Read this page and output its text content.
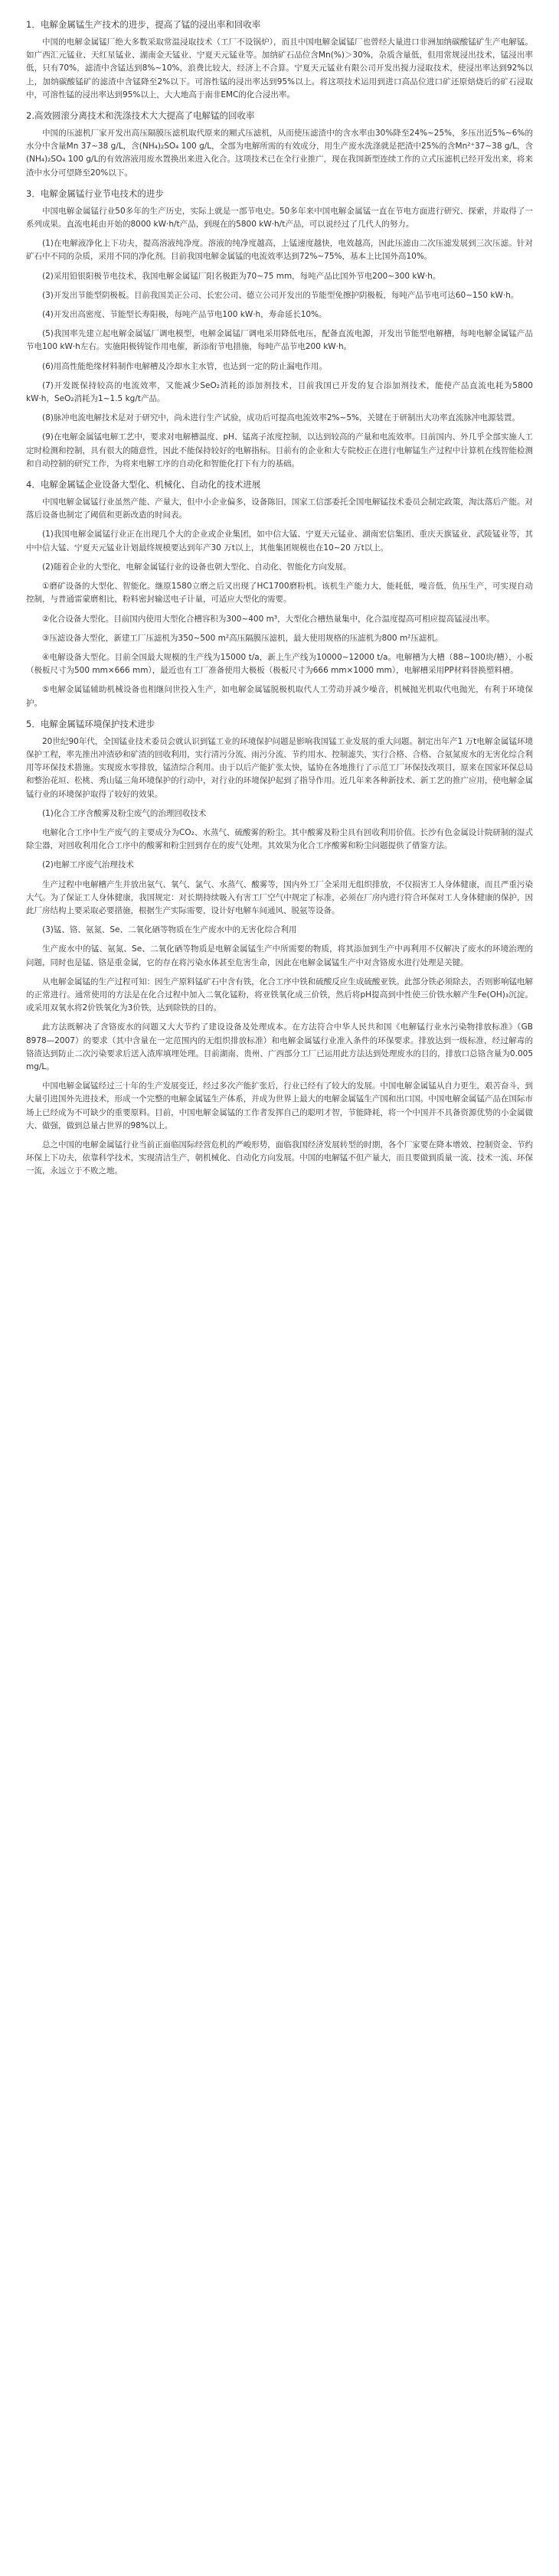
1．电解金属锰生产技术的进步，提高了锰的浸出率和回收率
中国的电解金属锰厂绝大多数采取常温浸取技术（工厂不设锅炉），而且中国电解金属锰厂也曾经大量进口非洲加纳碳酸锰矿生产电解锰。如广西汇元锰业、天红星锰业、湖南金天锰业、宁夏天元锰业等。加纳矿石品位含Mn(%)＞30%，杂质含量低，但用常规浸出技术，锰浸出率低，只有70%，滤渣中含锰达到8%~10%，浪费比较大，经济上不合算。宁夏天元锰业有限公司开发出搅力浸取技术，使浸出率达到92%以上，加纳碳酸锰矿的滤渣中含锰降至2%以下。可溶性锰的浸出率达到95%以上。将这项技术运用到进口高品位进口矿还原焙烧后的矿石浸取中，可溶性锰的浸出率达到95%以上，大大地高于南非EMC的化合浸出率。
2.高效圆滚分离技术和洗涤技术大大提高了电解锰的回收率
中国的压滤机厂家开发出高压隔膜压滤机取代原来的厢式压滤机，从而使压滤渣中的含水率由30%降至24%~25%，多压出近5%~6%的水分中含量Mn 37~38 g/L，含(NH₄)₂SO₄ 100 g/L，全部为电解所需的有效成分，用生产废水洗涤就是把渣中25%的含Mn²⁺37~38 g/L，含(NH₄)₂SO₄ 100 g/L的有效溶液用废水置换出来进入化合。这项技术已在全行业推广，现在我国新型连续工作的立式压滤机已经开发出来，将来渣中水分可望降至20%以下。
3．电解金属锰行业节电技术的进步
中国电解金属锰行业50多年的生产历史，实际上就是一部节电史。50多年来中国电解金属锰一直在节电方面进行研究、探索，并取得了一系列成果。直流电耗由开始的8000 kW·h/t产品，到现在的5800 kW·h/t产品，可以说经过了几代人的努力。
(1)在电解液净化上下功夫，提高溶液纯净度。溶液的纯净度越高，上锰速度越快，电效越高，因此压滤由二次压滤发展到三次压滤。针对矿石中不同的杂质，采用不同的净化剂。目前我国电解金属锰的电流效率达到72%~75%，基本上比国外高10%。
(2)采用铅银阳极节电技术，我国电解金属锰厂阳名极距为70~75 mm，每吨产品比国外节电200~300 kW·h。
(3)开发出节能型阴极板。目前我国美正公司、长宏公司、德立公司开发出的节能型免擦护阴极板，每吨产品节电可达60~150 kW·h。
(4)开发出高密度、节能型长寿阳极，每吨产品节电100 kW·h，寿命延长10%。
(5)我国率先建立起电解金属锰厂调电模型，电解金属锰厂调电采用降低电压，配备直流电源，开发出节能型电解槽，每吨电解金属锰产品节电100 kW·h左右。实施阳极铸锭作用电催，新添衔节电措施，每吨产品节电200 kW·h。
(6)用高性能绝缘材料制作电解槽及冷却水主水管，也达到一定的防止漏电作用。
(7)开发既保持较高的电流效率，又能减少SeO₂消耗的添加剂技术，目前我国已开发的复合添加剂技术，能使产品直流电耗为5800 kW·h，SeO₂消耗为1~1.5 kg/t产品。
(8)脉冲电流电解技术是对于研究中，尚未进行生产试验，成功后可提高电流效率2%~5%，关键在于研制出大功率直流脉冲电源装置。
(9)在电解金属锰电解工艺中，要求对电解槽温度、pH、锰离子浓度控制，以达到较高的产量和电流效率。目前国内、外几乎全部实施人工定时检测和控制，具有很大的随意性，因此不能保持较好的电解指标。目前有的企业和大专院校正在进行电解锰生产过程中计算机在线智能检测和自动控制的研究工作，为将来电解工序的自动化和智能化打下有力的基础。
4．电解金属锰企业设备大型化、机械化、自动化的技术进展
中国电解金属锰行业虽然产能、产量大，但中小企业偏多，设备陈旧，国家工信部委托全国电解锰技术委员会制定政策，淘汰落后产能。对落后设备也制定了阈值和更新改造的时间表。
(1)我国电解金属锰行业正在出现几个大的企业或企业集团，如中信大锰、宁夏天元锰业、湖南宏信集团、重庆天旗锰业、武陵锰业等，其中中信大锰、宁夏天元锰业计划最终规模要达到年产30 万t以上，其他集团规模也在10~20 万t以上。
(2)随着企业的大型化，电解金属锰行业的设备也朝大型化、自动化、智能化方向发展。
①磨矿设备的大型化、智能化。继原1580立磨之后又出现了HC1700磨粉机。该机生产能力大，能耗低，噪音低，负压生产，可实现自动控制，与普通雷蒙磨相比，粉料密封输送电子计量，可适应大型化的需要。
②化合设备大型化。目前国内使用大型化合槽容积为300~400 m³，大型化合槽热量集中，化合温度提高可相应提高锰浸出率。
③压滤设备大型化，新建工厂压滤机为350~500 m²高压隔膜压滤机，最大使用规格的压滤机为800 m²压滤机。
④电解设备大型化。目前全国最大规模的生产线为15000 t/a，新上生产线为10000~12000 t/a。电解槽为大槽（88~100块/槽），小板（极板尺寸为500 mm×666 mm），最近也有工厂准备使用大极板（极板尺寸为666 mm×1000 mm），电解槽采用PP材料替换塑料槽。
⑤电解金属锰辅助机械设备也相继问世投入生产，如电解金属锰脱极机取代人工劳动并减少噪音，机械抛光机取代电抛光，有利于环境保护。
5．电解金属锰环境保护技术进步
20世纪90年代，全国锰业技术委员会就认识到锰工业的环境保护问题是影响我国锰工业发展的重大问题。制定出年产1 万t电解金属锰环境保护工程，率先推出冲渣砂和矿渣的回收利用，实行清污分流、雨污分流、节约用水、控制滤失，实行合格、合格、合氨氮废水的无害化综合利用等环保技术措施。实现废水零排放，锰渣综合利用。由于以后产能扩张太快，锰协在各地推行了示范工厂环保技改项目，原来在国家环保总局和整治花垣、松桃、秀山锰三角环境保护的行动中，对行业的环境保护起到了指导作用。近几年来各种新技术、新工艺的推广应用，使电解金属锰行业的环境保护取得了较好的效果。
(1)化合工序含酸雾及粉尘废气的治理回收技术
电解化合工序中生产废气的主要成分为CO₂、水蒸气、硫酸雾的粉尘。其中酸雾及粉尘具有回收利用价值。长沙有色金属设计院研制的湿式除尘器，对回收利用化合工序中的酸雾和粉尘回到存在的废气处理。其效果为化合工序酸雾和粉尘问题提供了借鉴方法。
(2)电解工序废气治理技术
生产过程中电解槽产生并放出氨气、氧气、氯气、水蒸气、酸雾等，国内外工厂全采用无组织排放，不仅损害工人身体健康，而且严重污染大气。为了保证工人身体健康，我国规定：对长期持续吸入有害工厂空气中规定了标准，必须在厂房内进行符合环保对工人身体健康的保护，因此厂房结构上要采取必要措施，根据生产实际需要，设计好电解车间通风、脱氨等设备。
(3)锰、铬、氨氮、Se、二氧化硒等物质在生产废水中的无害化综合利用
生产废水中的锰、氨氮、Se、二氧化硒等物质是电解金属锰生产中所需要的物质，将其添加到生产中再利用不仅解决了废水的环境治理的问题，同时也是锰、铬是重金属，它的存在将污染水体甚至危害生命，因此在电解金属锰生产中对含铬废水进行处理是关键。
从电解金属锰的生产过程可知：因生产原料锰矿石中含有铁，化合工序中铁和硫酸反应生成硫酸亚铁。此部分铁必须除去，否则影响锰电解的正常进行。通常使用的方法是在化合过程中加入二氧化锰粉，将亚铁氧化成三价铁，然后将pH提高到中性使三价铁水解产生Fe(OH)₃沉淀。或采用双氧水将2价铁氧化为3价铁，达到除铁的目的。
此方法既解决了含铬废水的问题又大大节约了建设设备及处理成本。在方法符合中华人民共和国《电解锰行业水污染物排放标准》（GB 8978—2007）的要求（其中含量在一定范围内的无组织排放标准）和电解金属锰行业准入条件的环保要求。排放达到一级标准，经过解毒的铬渣达到防止二次污染要求后送入渣库填埋处理。目前湖南、贵州、广西部分工厂已运用此方法达到处理废水的目的，排放口总铬含量为0.005 mg/L。
中国电解金属锰经过三十年的生产发展变迁，经过多次产能扩张后，行业已经有了较大的发展。中国电解金属锰从自力更生，艰苦奋斗，到大量引进国外先进技术，形成一个完整的电解金属锰生产体系，并成为世界上最大的电解金属锰生产国和出口国。中国电解金属锰产品在国际市场上已经成为不可缺少的重要原料。目前，中国电解金属锰的工作者发挥自己的聪明才智，节能降耗，将一个中国并不具备资源优势的小金属做大、做强，做到总量占世界的98%以上。
总之中国的电解金属锰行业当前正面临国际经营危机的严峻形势，面临我国经济发展转型的时期，各个厂家要在降本增效、控制资金、节约环保上下功夫，依靠科学技术，实现清洁生产，朝机械化、自动化方向发展。中国的电解锰不但产量大，而且要做到质量一流、技术一流、环保一流，永远立于不败之地。
